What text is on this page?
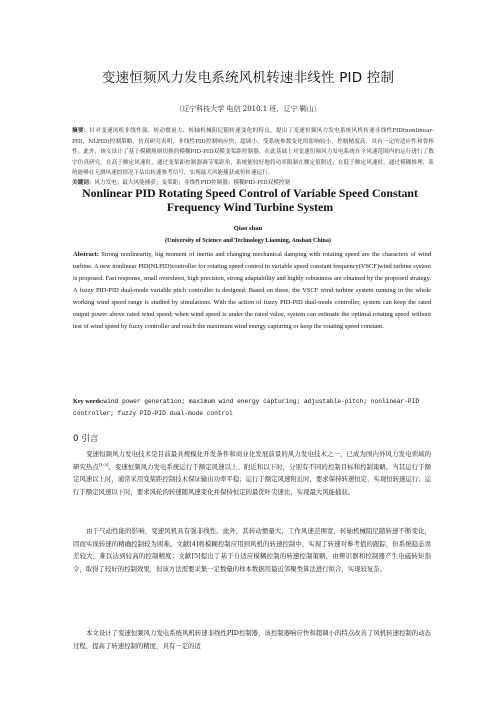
变速恒频风力发电系统风机转速非线性 PID 控制
（辽宁科技大学 电信 2010.1 班，辽宁 鞍山）
摘要：针对变速风机非线性强、转动惯量大、转轴机械阻尼随转速变化的特点，提出了变速恒频风力发电系统风机转速非线性PID(nonlinear-PID，NLPID)控制策略，仿真研究表明，非线性PID控制响应快，超调小，受系统参数变化的影响较小，控制精度高，具有一定的适应性和鲁棒性。此外，该文设计了基于模糊规则切换的模糊PID-PID双模变桨距控制器，在此基础上对变速恒频风力发电系统在全风速范围内的运行进行了数字仿真研究。在高于额定风速时，通过变桨距控制器调节桨距角，系统能较好地将功率限制在额定值附近；在低于额定风速时，通过模糊推理，系统能够在无测风速的情况下估出转速参考信号，实现最大风能捕获或恒转速运行。
关键词：风力发电；最大风能捕获；变桨距；非线性PID控制器；模糊PID-PID双模控制
Nonlinear PID Rotating Speed Control of Variable Speed Constant
Frequency Wind Turbine System
Qiao shan
(University of Science and Technology Liaoning, Anshan China)
Abstract: Strong nonlinearity, big moment of inertia and changing mechanical damping with rotating speed are the characters of wind turbine. A new nonlinear PID(NLPID)controller for rotating speed control in variable speed constant frequency(VSCF)wind turbine system is proposed. Fast response, small overshoot, high precision, strong adaptability and highly robustness are obtained by the proposed strategy. A fuzzy PID-PID dual-mode variable pitch controller is designed. Based on these, the VSCF wind turbine system running in the whole working wind speed range is studied by simulations. With the action of fuzzy PID-PID dual-mode controller, system can keep the rated output power above rated wind speed; when wind speed is under the rated value, system can estimate the optimal rotating speed without test of wind speed by fuzzy controller and reach the maximum wind energy capturing or keep the rotating speed constant.
Key words:wind power generation; maximum wind energy capturing; adjustable-pitch; nonlinear-PID controller; fuzzy PID-PID dual-mode control
0 引言
变速恒频风力发电技术是目前最具规模化开发条件和商业化发展前景的风力发电技术之一，已成为国内外风力发电领域的研究热点[1-3]。变速恒频风力发电系统运行于额定风速以上、附近和以下时，分别有不同的控制目标和控制策略。当其运行于额定风速以上时，通常采用变桨距控制技术保证输出功率平稳；运行于额定风速附近时，要求保持转速恒定，实现恒转速运行；运行于额定风速以下时，要求风轮的转速随风速变化并保持恒定的最优叶尖速比，实现最大风能捕获。
由于气动性能的影响，变速风机具有强非线性。此外，其转动惯量大，工作风速范围宽，转轴机械阻尼随转速不断变化，因而实现转速的精确控制较为困难。文献[4]将模糊控制应用到风机的转速控制中，实现了转速对参考值的跟踪，但系统稳态误差较大，难以达到较高的控制精度；文献[5]提出了基于自适应模糊控制的转速控制策略，由辨识器和控制器产生电磁转矩指令，取得了较好的控制效果，但该方法需要采集一定数量的样本数据用最近邻聚类算法进行拟合，实现较复杂。
本文设计了变速恒频风力发电系统风机转速非线性PID控制器，该控制器响应快和超调小的特点改善了风机转速控制的动态过程，提高了转速控制的精度，具有一定的适
